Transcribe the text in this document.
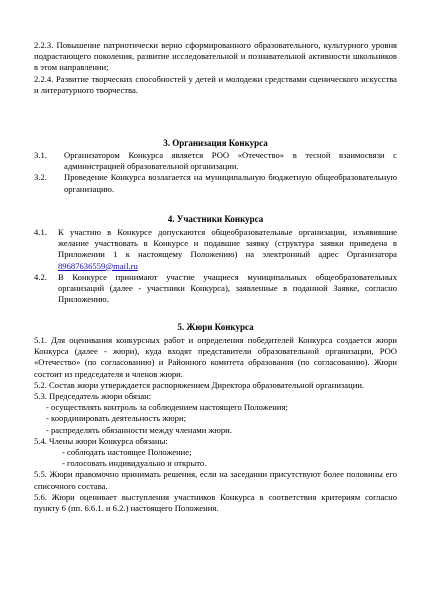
2.2.3. Повышение патриотически верно сформированного образовательного, культурного уровня подрастающего поколения, развитие исследовательной и познавательной активности школьников в этом направлении;

2.2.4. Развитие творческих способностей у детей и молодежи средствами сценического искусства и литературного творчества.

3. Организация Конкурса
3.1.	Организатором Конкурса является РОО «Отечество» в тесной взаимосвязи с администрацией образовательной организации.
3.2.	Проведение Конкурса возлагается на муниципальную бюджетную общеобразовательную организацию.
4. Участники Конкурса
4.1.	К участию в Конкурсе допускаются общеобразовательные организации, изъявившие желание участвовать в Конкурсе и подавшие заявку (структура заявки приведена в Приложении 1 к настоящему Положению) на электронный адрес Организатора 89687636559@mail.ru
4.2.	В Конкурсе принимают участие учащиеся муниципальных общеобразовательных организаций (далее - участники Конкурса), заявленные в поданной Заявке, согласно Приложению.
5. Жюри Конкурса

5.1. Для оценивания конкурсных работ и определения победителей Конкурса создается жюри Конкурса (далее - жюри), куда входят представители образовательной организации, РОО «Отечество» (по согласованию) и Районного комитета образования (по согласованию). Жюри состоит из председателя и членов жюри.

5.2. Состав жюри утверждается распоряжением Директора образовательной организации.

5.3. Председатель жюри обязан:

- осуществлять контроль за соблюдением настоящего Положения;

- координировать деятельность жюри;

- распределять обязанности между членами жюри.

5.4. Члены жюри Конкурса обязаны:

- соблюдать настоящее Положение;

- голосовать индивидуально и открыто.

5.5. Жюри правомочно принимать решения, если на заседании присутствуют более половины его списочного состава.

5.6. Жюри оценивает выступления участников Конкурса в соответствия критериям согласно пункту 6 (пп. 6.6.1. и 6.2.) настоящего Положения.
